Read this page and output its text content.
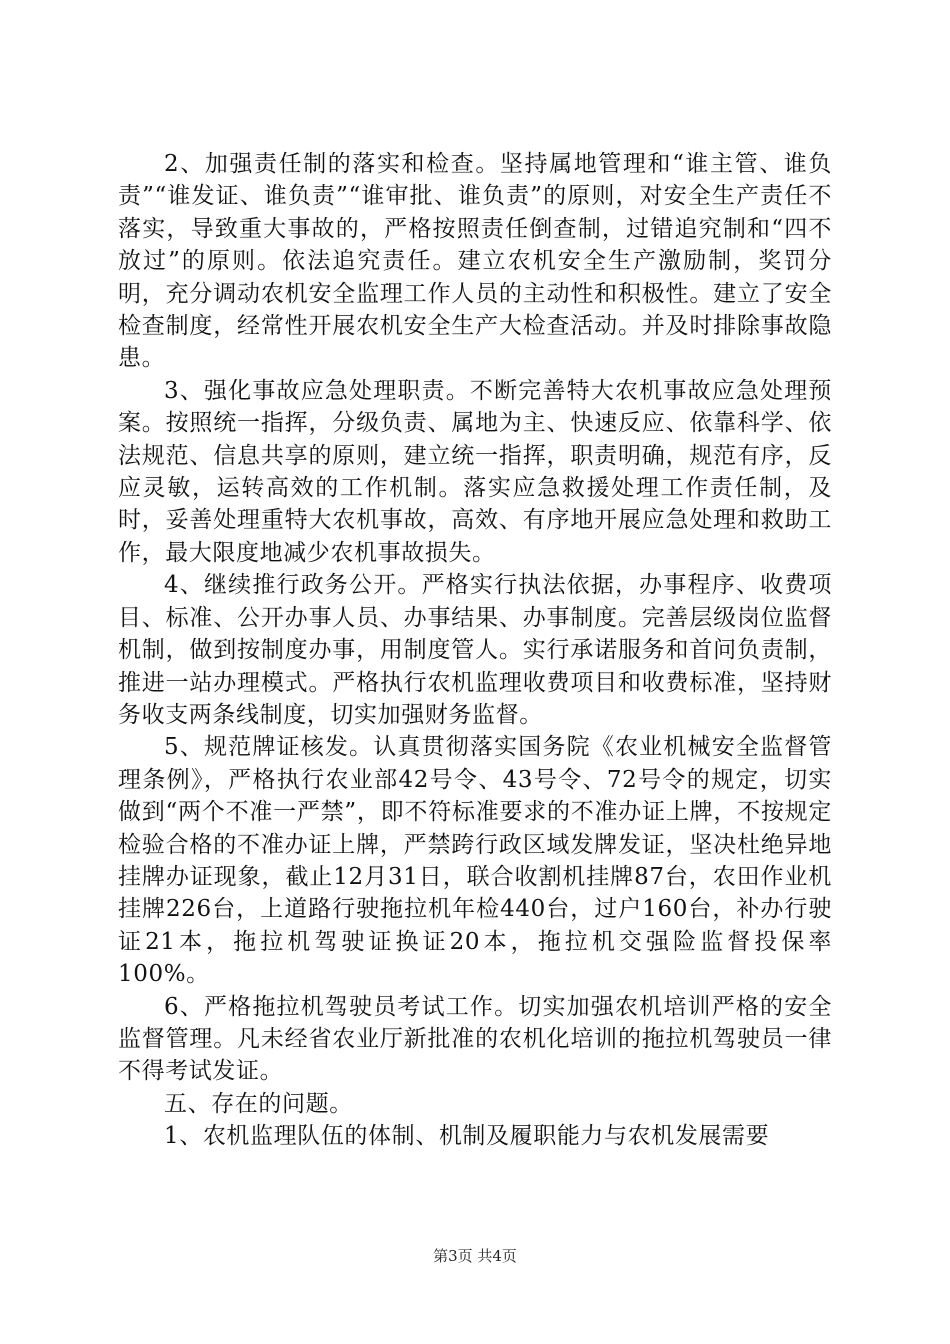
2、加强责任制的落实和检查。坚持属地管理和“谁主管、谁负责”“谁发证、谁负责”“谁审批、谁负责”的原则，对安全生产责任不落实，导致重大事故的，严格按照责任倒查制，过错追究制和“四不放过”的原则。依法追究责任。建立农机安全生产激励制，奖罚分明，充分调动农机安全监理工作人员的主动性和积极性。建立了安全检查制度，经常性开展农机安全生产大检查活动。并及时排除事故隐患。

3、强化事故应急处理职责。不断完善特大农机事故应急处理预案。按照统一指挥，分级负责、属地为主、快速反应、依靠科学、依法规范、信息共享的原则，建立统一指挥，职责明确，规范有序，反应灵敏，运转高效的工作机制。落实应急救援处理工作责任制，及时，妥善处理重特大农机事故，高效、有序地开展应急处理和救助工作，最大限度地减少农机事故损失。

4、继续推行政务公开。严格实行执法依据，办事程序、收费项目、标准、公开办事人员、办事结果、办事制度。完善层级岗位监督机制，做到按制度办事，用制度管人。实行承诺服务和首问负责制，推进一站办理模式。严格执行农机监理收费项目和收费标准，坚持财务收支两条线制度，切实加强财务监督。

5、规范牌证核发。认真贯彻落实国务院《农业机械安全监督管理条例》，严格执行农业部42号令、43号令、72号令的规定，切实做到“两个不准一严禁”，即不符标准要求的不准办证上牌，不按规定检验合格的不准办证上牌，严禁跨行政区域发牌发证，坚决杜绝异地挂牌办证现象，截止12月31日，联合收割机挂牌87台，农田作业机挂牌226台，上道路行驶拖拉机年检440台，过户160台，补办行驶证21本，拖拉机驾驶证换证20本，拖拉机交强险监督投保率100%。

6、严格拖拉机驾驶员考试工作。切实加强农机培训严格的安全监督管理。凡未经省农业厅新批准的农机化培训的拖拉机驾驶员一律不得考试发证。

五、存在的问题。

1、农机监理队伍的体制、机制及履职能力与农机发展需要

第3页 共4页
